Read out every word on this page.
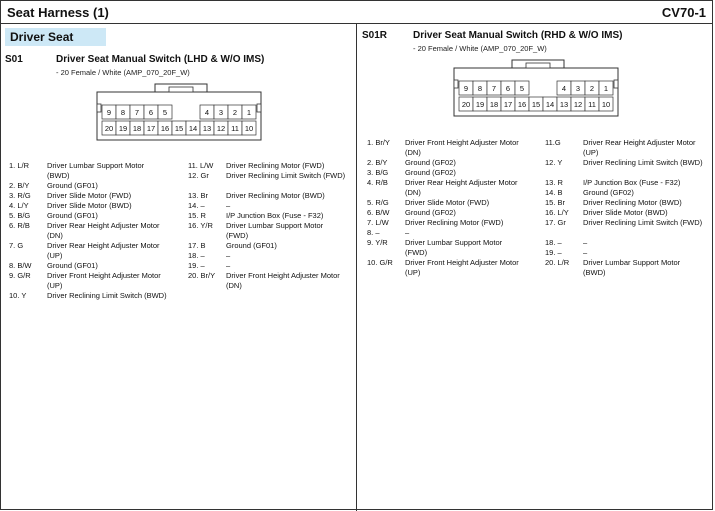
Seat Harness (1)	CV70-1
Driver Seat
S01	Driver Seat Manual Switch (LHD & W/O IMS)
- 20 Female / White (AMP_070_20F_W)
9 8 7 6 5	4 3 2 1
20 19 18 17 16 15 14 13 12 11 10
1. L/R Driver Lumbar Support Motor (BWD)
2. B/Y Ground (GF01)
3. R/G Driver Slide Motor (FWD)
4. L/Y Driver Slide Motor (BWD)
5. B/G Ground (GF01)
6. R/B Driver Rear Height Adjuster Motor (DN)
7. G	Driver Rear Height Adjuster Motor (UP)
8. B/W Ground (GF01)
9. G/R Driver Front Height Adjuster Motor (UP)
10. Y	Driver Reclining Limit Switch (BWD)
11. L/W Driver Reclining Motor (FWD)
12. Gr Driver Reclining Limit Switch (FWD)
13. Br Driver Reclining Motor (BWD)
14. –	–
15. R	I/P Junction Box (Fuse - F32)
16. Y/R Driver Lumbar Support Motor (FWD)
17. B	Ground (GF01)
18. –	–
19. –	–
20. Br/Y Driver Front Height Adjuster Motor (DN)
S01R	Driver Seat Manual Switch (RHD & W/O IMS)
- 20 Female / White (AMP_070_20F_W)
9 8 7 6 5	4 3 2 1
20 19 18 17 16 15 14 13 12 11 10
1. Br/Y Driver Front Height Adjuster Motor (DN)
2. B/Y Ground (GF02)
3. B/G Ground (GF02)
4. R/B Driver Rear Height Adjuster Motor (DN)
5. R/G Driver Slide Motor (FWD)
6. B/W Ground (GF02)
7. L/W Driver Reclining Motor (FWD)
8. –	–
9. Y/R Driver Lumbar Support Motor (FWD)
10. G/R Driver Front Height Adjuster Motor (UP)
11.G	Driver Rear Height Adjuster Motor (UP)
12. Y	Driver Reclining Limit Switch (BWD)
13. R	I/P Junction Box (Fuse - F32)
14. B	Ground (GF02)
15. Br Driver Reclining Motor (BWD)
16. L/Y Driver Slide Motor (BWD)
17. Gr Driver Reclining Limit Switch (FWD)
18. –	–
19. –	–
20. L/R Driver Lumbar Support Motor (BWD)
